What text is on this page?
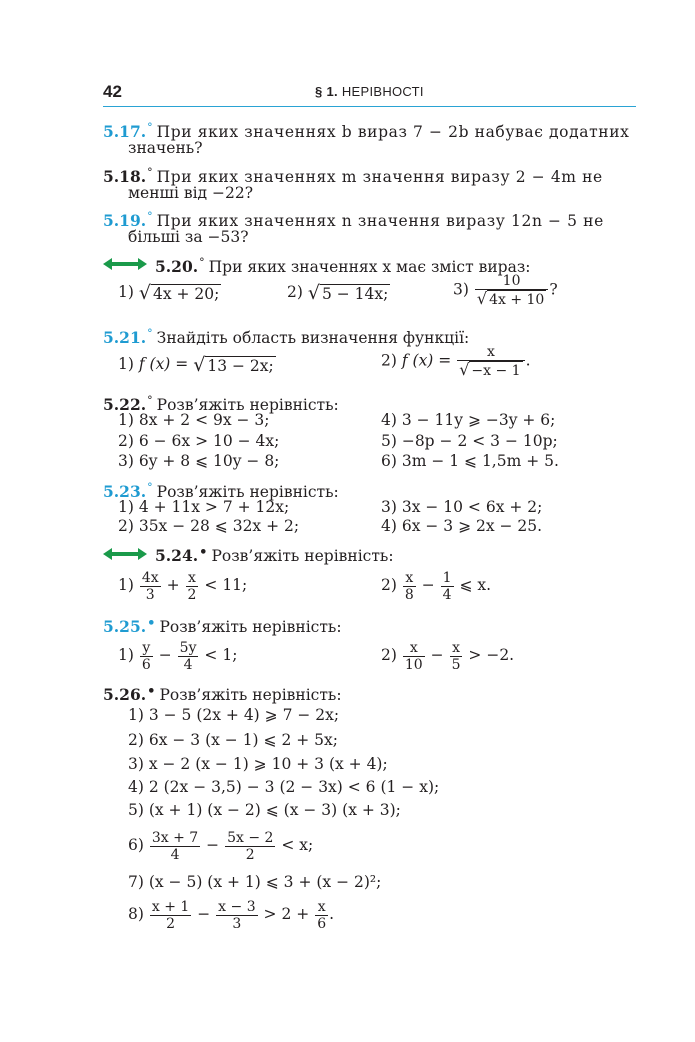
42	§ 1. НЕРІВНОСТІ
5.17.° При яких значеннях b вираз 7 − 2b набуває додатних
значень?
5.18.° При яких значеннях m значення виразу 2 − 4m не
менші від −22?
5.19.° При яких значеннях n значення виразу 12n − 5 не
більші за −53?
5.20.° При яких значеннях x має зміст вираз:
1) √ 4x + 20;	2) √ 5 − 14x;	$3) \frac{10}{√ 4x + 10}$ ?
5.21.° Знайдіть область визначення функції:
1) f (x) = √ 13 − 2x;	2) f $(x) = \frac{x}{√ -x - 1}$ .
5.22.° Розв’яжіть нерівність:
1) 8x + 2 < 9x − 3;	4) 3 − 11y ⩾ −3y + 6;
2) 6 − 6x > 10 − 4x;	5) −8p − 2 < 3 − 10p;
3) 6y + 8 ⩽ 10y − 8;	6) 3m − 1 ⩽ 1,5m + 5.
5.23.° Розв’яжіть нерівність:
1) 4 + 11x > 7 + 12x;	3) 3x − 10 < 6x + 2;
2) 35x − 28 ⩽ 32x + 2;	4) 6x − 3 ⩾ 2x − 25.
5.24.• Розв’яжіть нерівність:
$1) \frac{4x}{3} + \frac{x}{2} < 11$;	$2) \frac{x}{8} - \frac{1}{4}$ ⩽ x.
5.25.• Розв’яжіть нерівність:
$1) \frac{y}{6} - \frac{5y}{4} < 1$;	$2) \frac{x}{10} - \frac{x}{5} > -2$.
5.26.• Розв’яжіть нерівність:
1) 3 − 5 (2x + 4) ⩾ 7 − 2x;
2) 6x − 3 (x − 1) ⩽ 2 + 5x;
3) x − 2 (x − 1) ⩾ 10 + 3 (x + 4);
4) 2 (2x − 3,5) − 3 (2 − 3x) < 6 (1 − x);
5) (x + 1) (x − 2) ⩽ (x − 3) (x + 3);
$6) \frac{3x + 7}{4} - \frac{5x - 2}{2} < x$;
7) (x − 5) (x + 1) ⩽ 3 + (x − 2)²;
$8) \frac{x + 1}{2} - \frac{x - 3}{3} > 2 + \frac{x}{6}$ .
